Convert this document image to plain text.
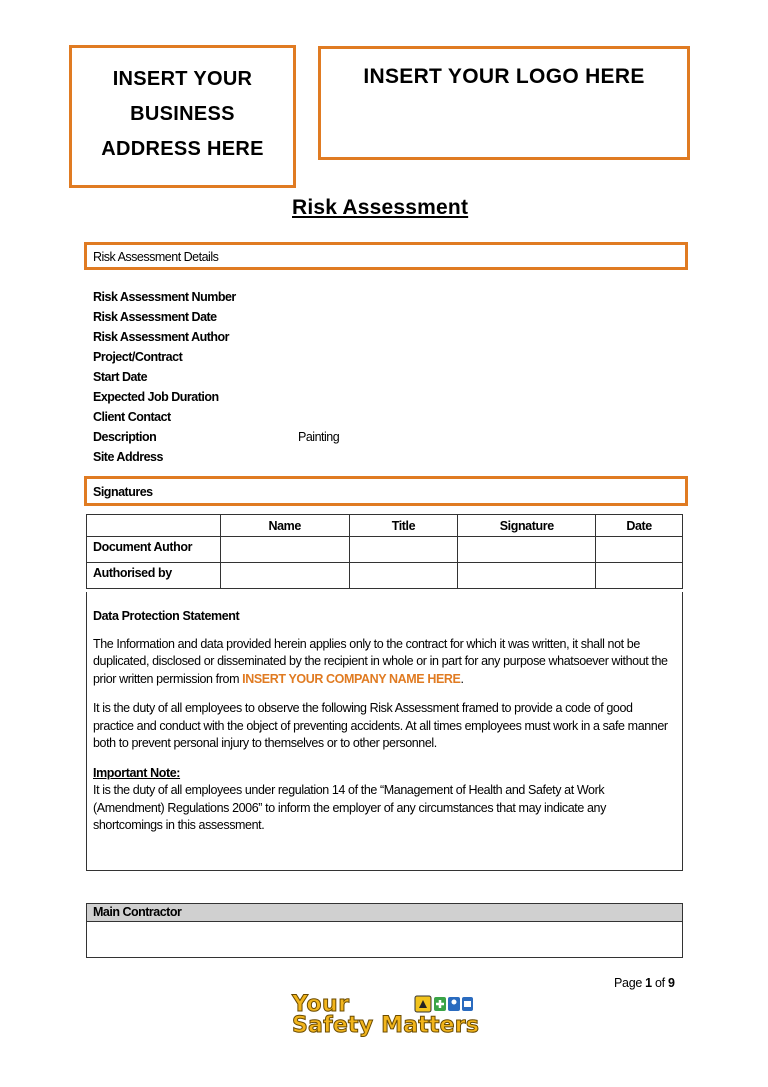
INSERT YOUR
BUSINESS
ADDRESS HERE
INSERT YOUR LOGO HERE
Risk Assessment
Risk Assessment Details
Risk Assessment Number
Risk Assessment Date
Risk Assessment Author
Project/Contract
Start Date
Expected Job Duration
Client Contact
Description	Painting
Site Address
Signatures
	Name	Title	Signature	Date
Document Author				
Authorised by				

Data Protection Statement

The Information and data provided herein applies only to the contract for which it was written, it shall not be duplicated, disclosed or disseminated by the recipient in whole or in part for any purpose whatsoever without the prior written permission from INSERT YOUR COMPANY NAME HERE.

It is the duty of all employees to observe the following Risk Assessment framed to provide a code of good practice and conduct with the object of preventing accidents. At all times employees must work in a safe manner both to prevent personal injury to themselves or to other personnel.

Important Note:
It is the duty of all employees under regulation 14 of the “Management of Health and Safety at Work (Amendment) Regulations 2006” to inform the employer of any circumstances that may indicate any shortcomings in this assessment.
Main Contractor
Page 1 of 9
Your
Safety Matters
